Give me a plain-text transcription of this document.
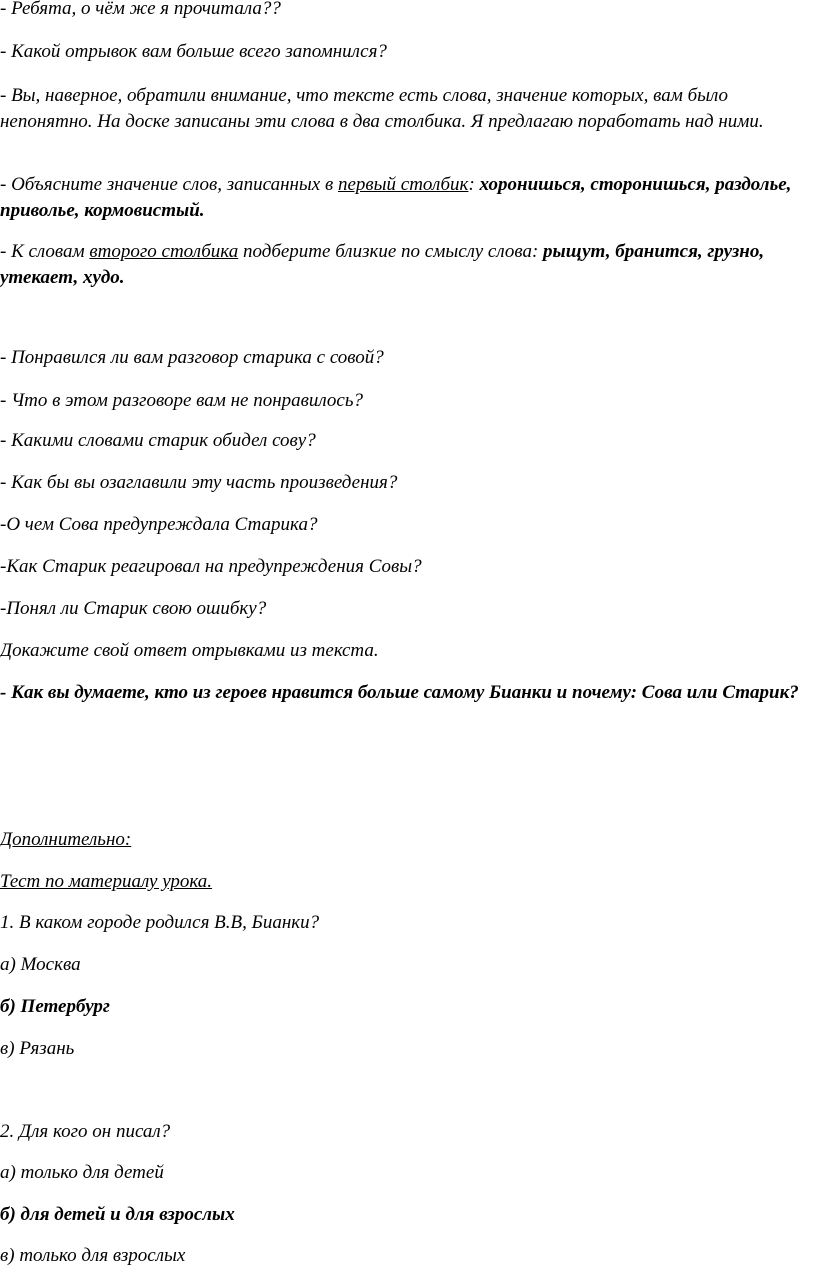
- Ребята, о чём же я прочитала??

- Какой отрывок вам больше всего запомнился?

- Вы, наверное, обратили внимание, что тексте есть слова, значение которых, вам было непонятно. На доске записаны эти слова в два столбика. Я предлагаю поработать над ними.

- Объясните значение слов, записанных в первый столбик: хоронишься, сторонишься, раздолье, приволье, кормовистый.

- К словам второго столбика подберите близкие по смыслу слова: рыщут, бранится, грузно, утекает, худо.

- Понравился ли вам разговор старика с совой?

- Что в этом разговоре вам не понравилось?

- Какими словами старик обидел сову?

- Как бы вы озаглавили эту часть произведения?

-О чем Сова предупреждала Старика?

-Как Старик реагировал на предупреждения Совы?

-Понял ли Старик свою ошибку?

Докажите свой ответ отрывками из текста.

- Как вы думаете, кто из героев нравится больше самому Бианки и почему: Сова или Старик?

Дополнительно:

Тест по материалу урока.

1. В каком городе родился В.В, Бианки?

а) Москва

б) Петербург

в) Рязань

2. Для кого он писал?

а) только для детей

б) для детей и для взрослых

в) только для взрослых
